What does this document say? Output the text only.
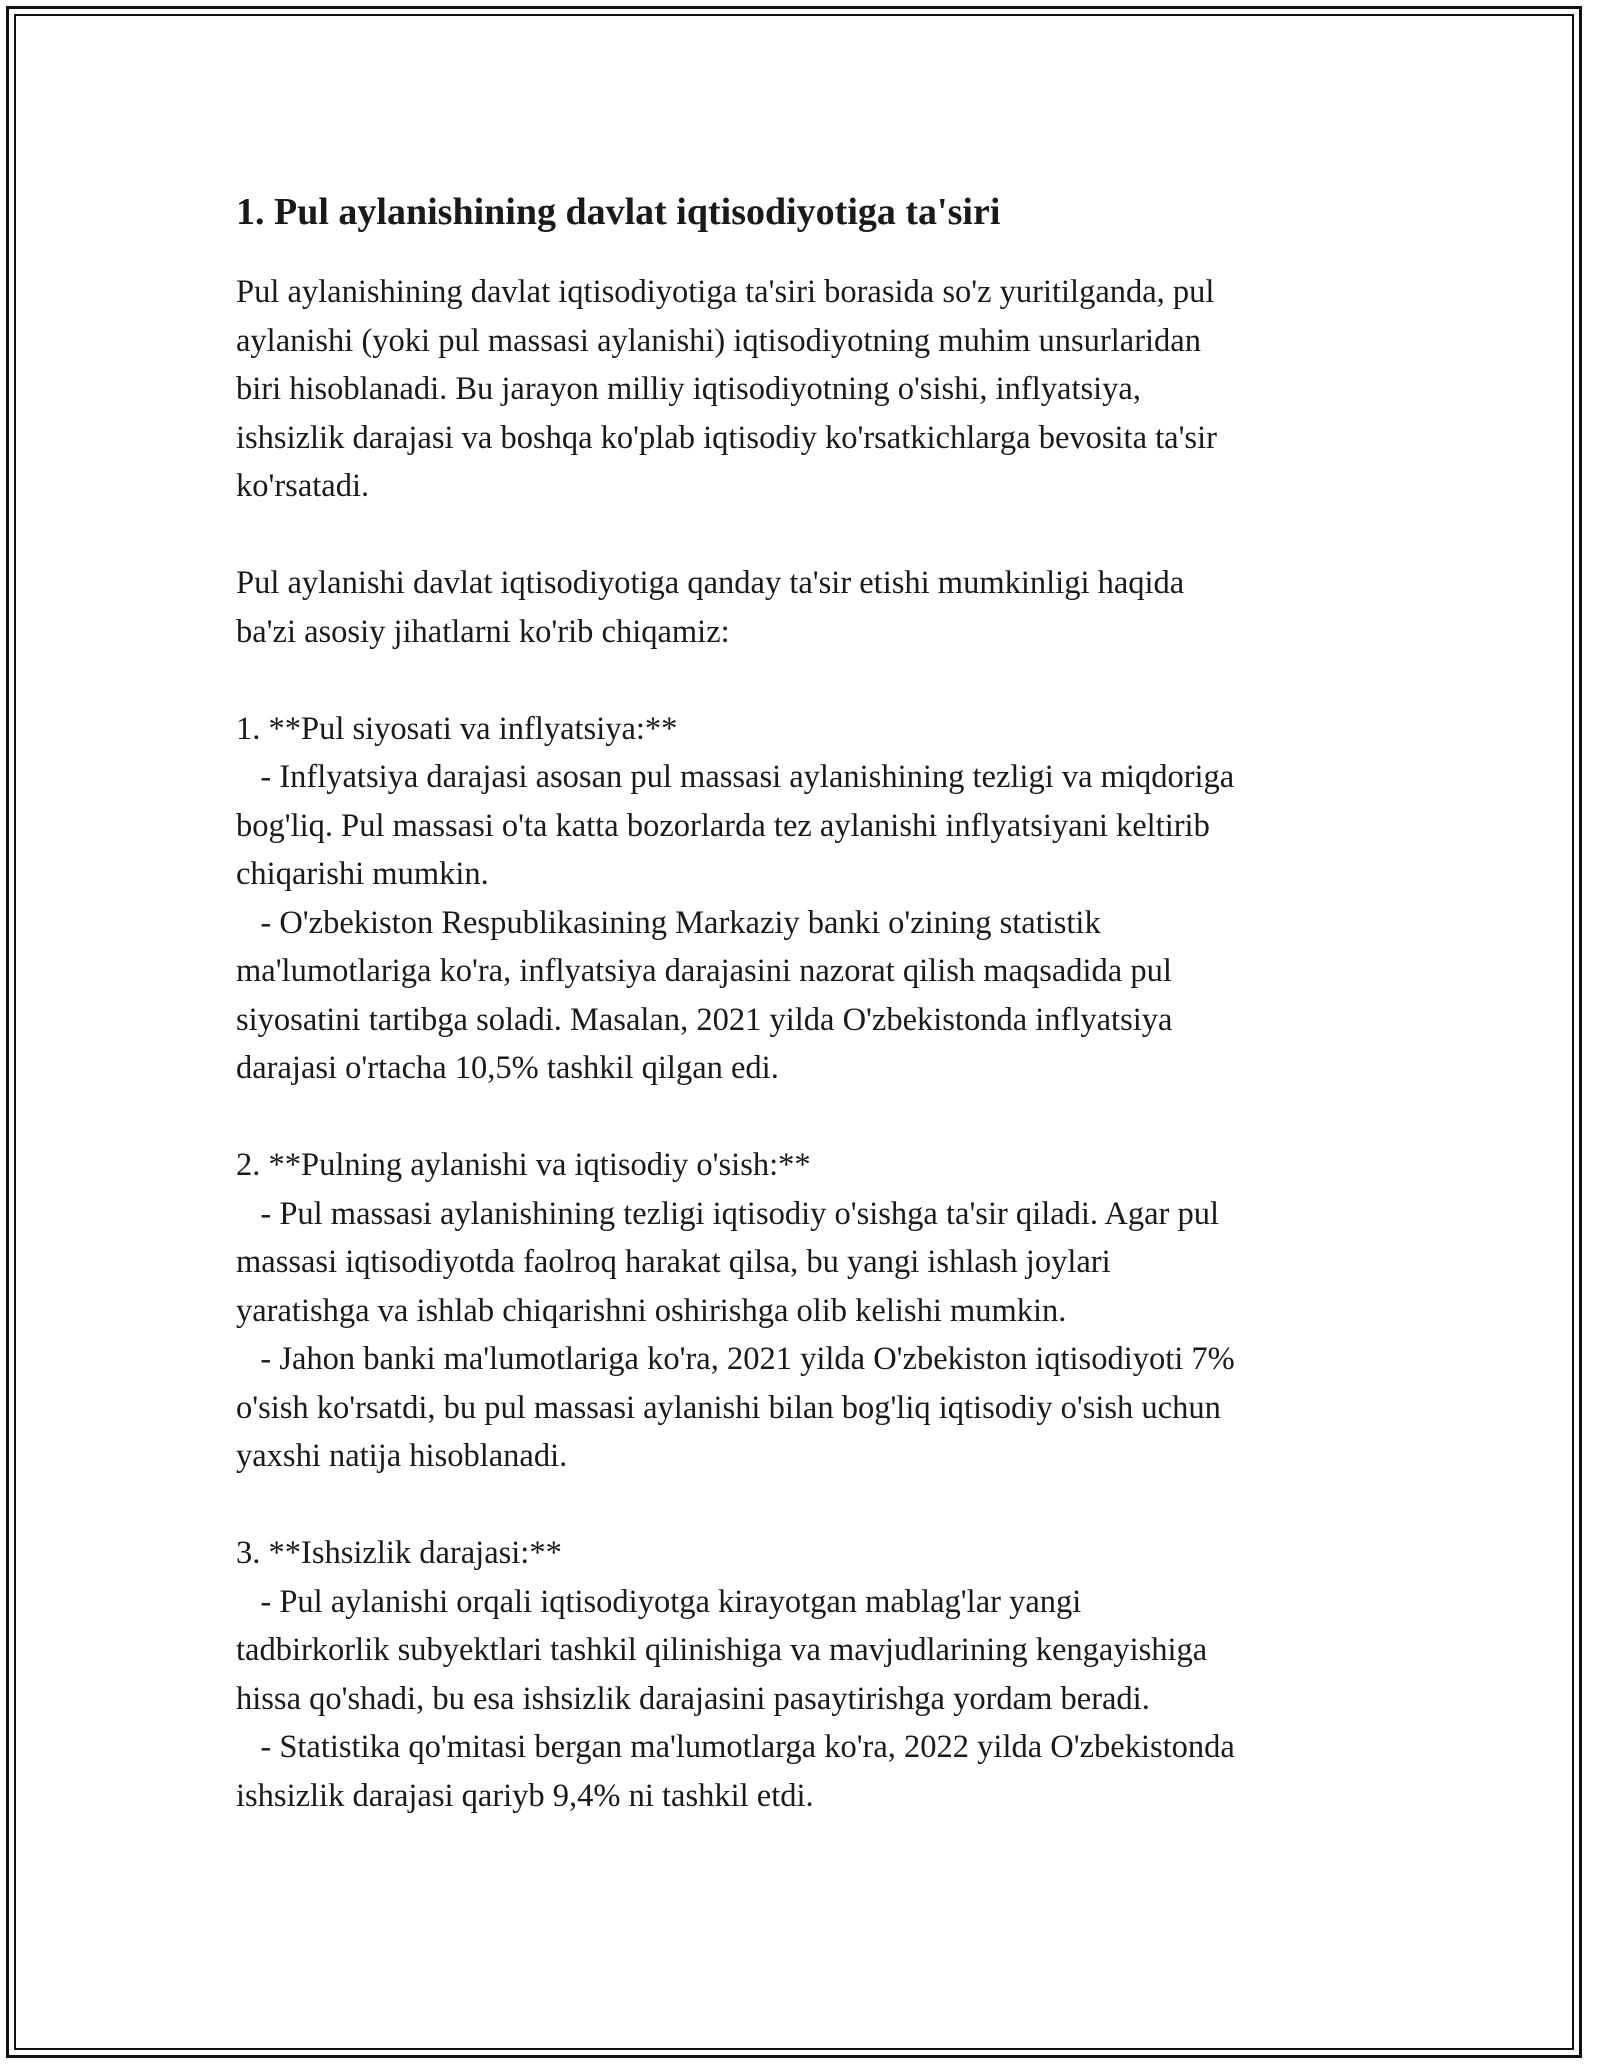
1. Pul aylanishining davlat iqtisodiyotiga ta'siri

Pul aylanishining davlat iqtisodiyotiga ta'siri borasida so'z yuritilganda, pul
aylanishi (yoki pul massasi aylanishi) iqtisodiyotning muhim unsurlaridan
biri hisoblanadi. Bu jarayon milliy iqtisodiyotning o'sishi, inflyatsiya,
ishsizlik darajasi va boshqa ko'plab iqtisodiy ko'rsatkichlarga bevosita ta'sir
ko'rsatadi.

Pul aylanishi davlat iqtisodiyotiga qanday ta'sir etishi mumkinligi haqida
ba'zi asosiy jihatlarni ko'rib chiqamiz:

1. **Pul siyosati va inflyatsiya:**
- Inflyatsiya darajasi asosan pul massasi aylanishining tezligi va miqdoriga
bog'liq. Pul massasi o'ta katta bozorlarda tez aylanishi inflyatsiyani keltirib
chiqarishi mumkin.
- O'zbekiston Respublikasining Markaziy banki o'zining statistik
ma'lumotlariga ko'ra, inflyatsiya darajasini nazorat qilish maqsadida pul
siyosatini tartibga soladi. Masalan, 2021 yilda O'zbekistonda inflyatsiya
darajasi o'rtacha 10,5% tashkil qilgan edi.

2. **Pulning aylanishi va iqtisodiy o'sish:**
- Pul massasi aylanishining tezligi iqtisodiy o'sishga ta'sir qiladi. Agar pul
massasi iqtisodiyotda faolroq harakat qilsa, bu yangi ishlash joylari
yaratishga va ishlab chiqarishni oshirishga olib kelishi mumkin.
- Jahon banki ma'lumotlariga ko'ra, 2021 yilda O'zbekiston iqtisodiyoti 7%
o'sish ko'rsatdi, bu pul massasi aylanishi bilan bog'liq iqtisodiy o'sish uchun
yaxshi natija hisoblanadi.

3. **Ishsizlik darajasi:**
- Pul aylanishi orqali iqtisodiyotga kirayotgan mablag'lar yangi
tadbirkorlik subyektlari tashkil qilinishiga va mavjudlarining kengayishiga
hissa qo'shadi, bu esa ishsizlik darajasini pasaytirishga yordam beradi.
- Statistika qo'mitasi bergan ma'lumotlarga ko'ra, 2022 yilda O'zbekistonda
ishsizlik darajasi qariyb 9,4% ni tashkil etdi.
